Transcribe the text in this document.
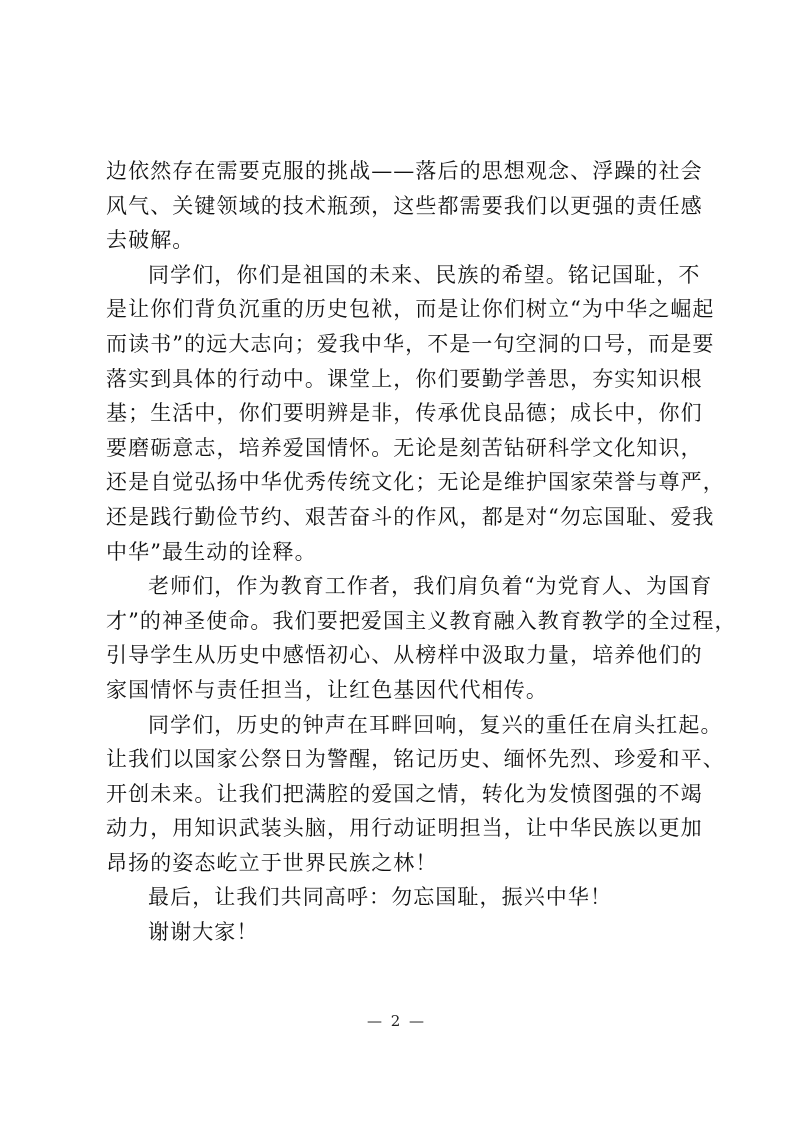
边依然存在需要克服的挑战——落后的思想观念、浮躁的社会
风气、关键领域的技术瓶颈，这些都需要我们以更强的责任感
去破解。
同学们，你们是祖国的未来、民族的希望。铭记国耻，不
是让你们背负沉重的历史包袱，而是让你们树立“为中华之崛起
而读书”的远大志向；爱我中华，不是一句空洞的口号，而是要
落实到具体的行动中。课堂上，你们要勤学善思，夯实知识根
基；生活中，你们要明辨是非，传承优良品德；成长中，你们
要磨砺意志，培养爱国情怀。无论是刻苦钻研科学文化知识，
还是自觉弘扬中华优秀传统文化；无论是维护国家荣誉与尊严，
还是践行勤俭节约、艰苦奋斗的作风，都是对“勿忘国耻、爱我
中华”最生动的诠释。
老师们，作为教育工作者，我们肩负着“为党育人、为国育
才”的神圣使命。我们要把爱国主义教育融入教育教学的全过程，
引导学生从历史中感悟初心、从榜样中汲取力量，培养他们的
家国情怀与责任担当，让红色基因代代相传。
同学们，历史的钟声在耳畔回响，复兴的重任在肩头扛起。
让我们以国家公祭日为警醒，铭记历史、缅怀先烈、珍爱和平、
开创未来。让我们把满腔的爱国之情，转化为发愤图强的不竭
动力，用知识武装头脑，用行动证明担当，让中华民族以更加
昂扬的姿态屹立于世界民族之林！
最后，让我们共同高呼：勿忘国耻，振兴中华！
谢谢大家！
— 2 —
